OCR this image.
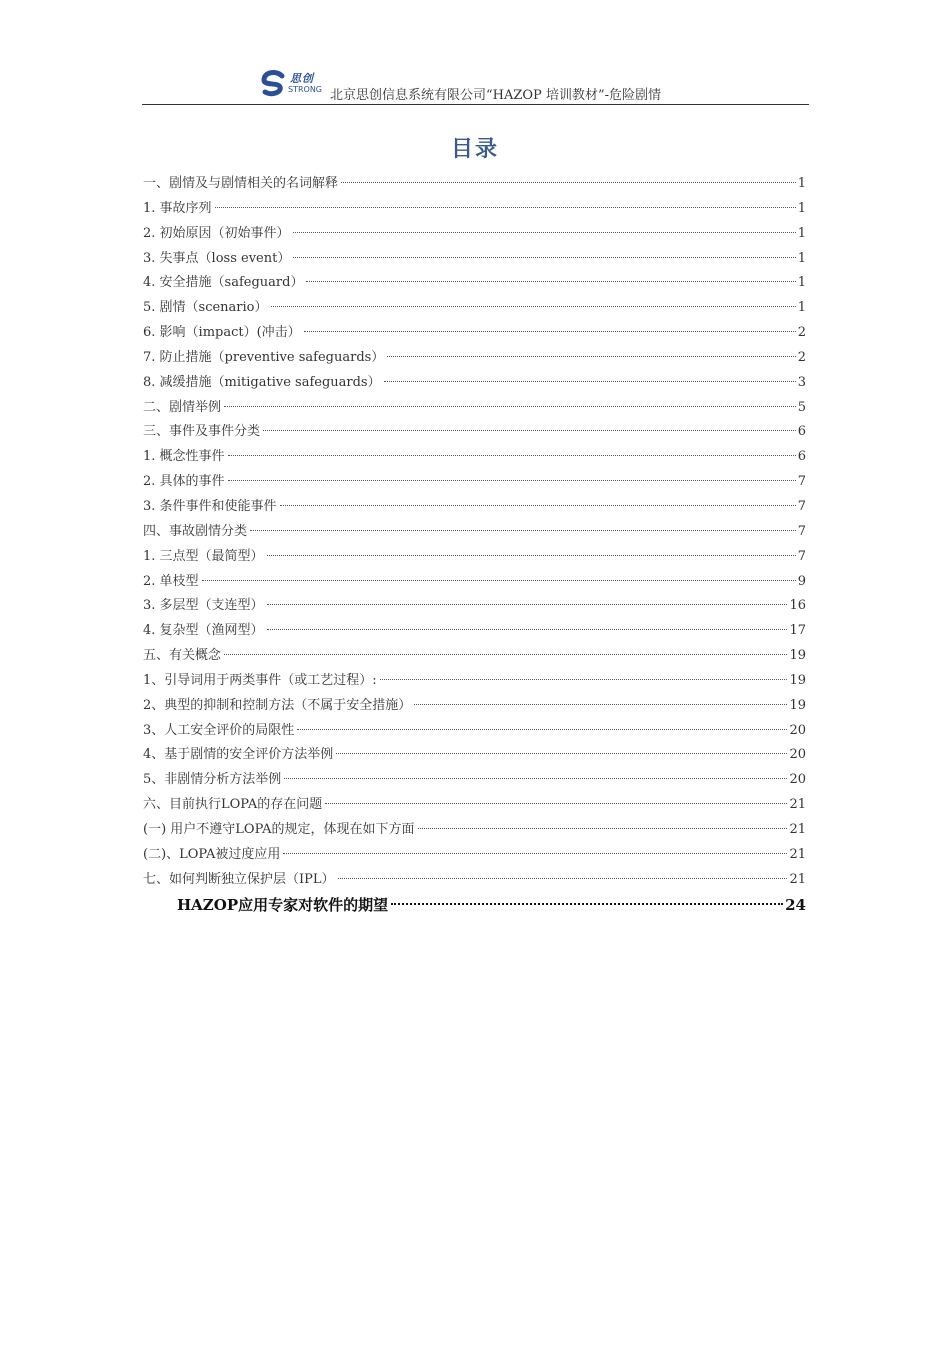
思创
STRONG 北京思创信息系统有限公司“HAZOP 培训教材”-危险剧情
目录
一、剧情及与剧情相关的名词解释	1
1. 事故序列	1
2. 初始原因（初始事件）	1
3. 失事点（loss event）	1
4. 安全措施（safeguard）	1
5. 剧情（scenario）	1
6. 影响（impact）(冲击）	2
7. 防止措施（preventive safeguards）	2
8. 减缓措施（mitigative safeguards）	3
二、剧情举例	5
三、事件及事件分类	6
1. 概念性事件	6
2. 具体的事件	7
3. 条件事件和使能事件	7
四、事故剧情分类	7
1. 三点型（最简型）	7
2. 单枝型	9
3. 多层型（支连型）	16
4. 复杂型（渔网型）	17
五、有关概念	19
1、引导词用于两类事件（或工艺过程）:	19
2、典型的抑制和控制方法（不属于安全措施）	19
3、人工安全评价的局限性	20
4、基于剧情的安全评价方法举例	20
5、非剧情分析方法举例	20
六、目前执行LOPA的存在问题	21
(一) 用户不遵守LOPA的规定，体现在如下方面	21
(二)、LOPA被过度应用	21
七、如何判断独立保护层（IPL）	21
HAZOP应用专家对软件的期望	24
